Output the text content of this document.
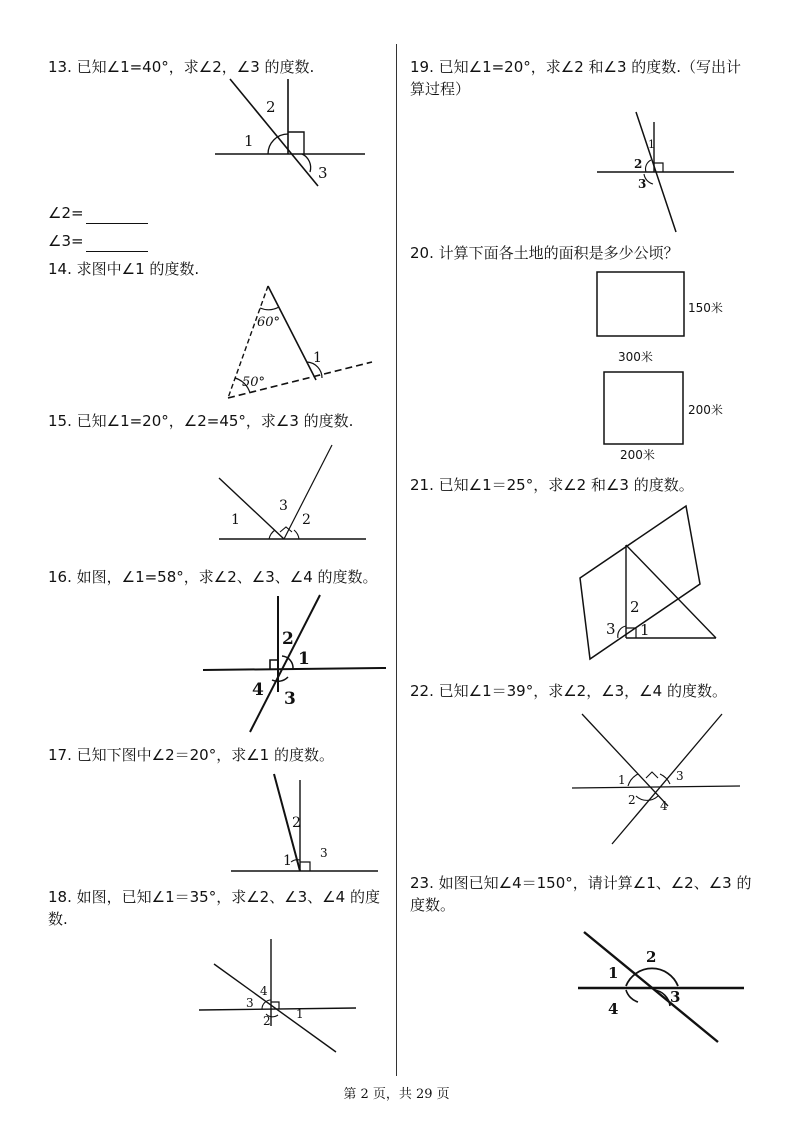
13. 已知∠1=40°，求∠2，∠3 的度数.

1
2
3
∠2=
∠3=

14. 求图中∠1 的度数.

60°
50°
1

15. 已知∠1=20°，∠2=45°，求∠3 的度数.

1
3
2

16. 如图，∠1=58°，求∠2、∠3、∠4 的度数。

2
1
4 3

17. 已知下图中∠2＝20°，求∠1 的度数。

2
1 3

18. 如图，已知∠1＝35°，求∠2、∠3、∠4 的度数.

4
3
2 1

19. 已知∠1=20°，求∠2 和∠3 的度数.（写出计算过程）

1
2
3

20. 计算下面各土地的面积是多少公顷？

150米
300米
200米
200米

21. 已知∠1＝25°，求∠2 和∠3 的度数。

2
3 1

22. 已知∠1＝39°，求∠2，∠3，∠4 的度数。

1	3
2 4

23. 如图已知∠4＝150°，请计算∠1、∠2、∠3 的度数。

2
1
3
4
第 2 页，共 29 页
